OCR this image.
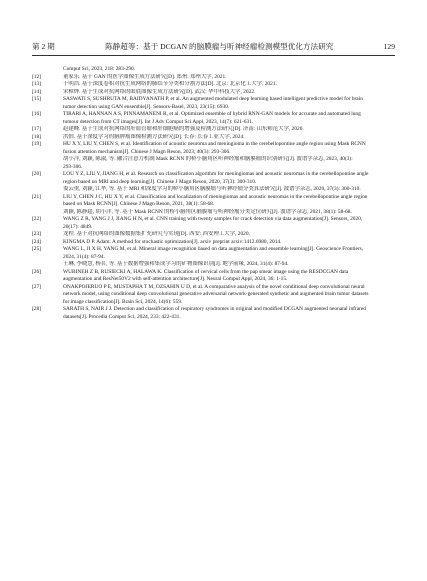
第 2 期	陈静超等：基于 DCGAN 的脑膜瘤与听神经瘤检测模型优化方法研究	129
Comput Sci, 2023, 218: 283-290.
[12]	董家乐. 基于 GAN 的医学图像生成方法研究[D]. 郑州: 郑州大学, 2021.
[13]	于明浩. 基于深度卷积对抗生成网络的肺结节分类和分割方法[D]. 北京: 北京化工大学, 2021.
[14]	宋樟烨. 基于生成对抗网络的眼底图像生成方法研究[D]. 武汉: 华中科技大学, 2022.
[15]	SASWATI S, SUSHRUTA M, BAIDYANATH P, et al. An augmented modulated deep learning based intelligent predictive model for brain
tumor detection using GAN ensemble[J]. Sensors-Basel, 2023, 23(15): 6930.
[16]	TIRARI A, HANNAN A S, PINNAMANENI R, et al. Optimized ensemble of hybrid RNN-GAN models for accurate and automated lung
tumour detection from CT images[J]. Int J Adv Comput Sci Appl, 2023, 14(7): 621-631.
[17]	赵建峰. 基于生成对抗网络的肝血管瘤和肝细胞癌的增强及检测方法研究[D]. 济南: 山东师范大学, 2020.
[18]	洪怡. 基于深度学习的脑肿瘤图像检测方法研究[D]. 长春: 长春工业大学, 2024.
[19]	HU X Y, LIU Y, CHEN S, et al. Identification of acoustic neuroma and meningioma in the cerebellopontine angle region using Mask RCNN
fusion attention mechanism[J]. Chinese J Magn Reson, 2023, 40(3): 293-306.
胡小洋, 刘颖, 陈淑, 等. 融合注意力机制 Mask RCNN 的桥小脑角区听神经瘤和脑膜瘤的识别研究[J]. 波谱学杂志, 2023, 40(3):
293-306.
[20]	LOU Y Z, LIU Y, JIANG H, et al. Research on classification algorithm for meningiomas and acoustic neuromas in the cerebellopontine angle
region based on MRI and deep learning[J]. Chinese J Magn Reson, 2020, 37(3): 300-310.
娄云重, 刘颖, 江华, 等. 基于 MRI 和深度学习的桥小脑角区脑膜瘤与听神经瘤分类算法研究[J]. 波谱学杂志, 2020, 37(3): 300-310.
[21]	LIU Y, CHEN J C, HU X Y, et al. Classification and localization of meningiomas and acoustic neuromas in the cerebellopontine angle region
based on Mask RCNN[J]. Chinese J Magn Reson, 2021, 38(1): 58-68.
刘颖, 陈静超, 胡小洋, 等. 基于 Mask RCNN 的桥小脑角区脑膜瘤与听神经瘤分类定位研究[J]. 波谱学杂志, 2021, 38(1): 58-68.
[22]	WANG Z R, YANG J J, JIANG H N, et al. CNN training with twenty samples for crack detection via data augmentation[J]. Sensors, 2020,
20(17): 4849.
[23]	龙程. 基于对抗网络的图像数据集扩充研究与实现[D]. 西安: 西安理工大学, 2020.
[24]	KINGMA D P. Adam: A method for stochastic optimization[J]. arxiv preprint arxiv:1412.6980, 2014.
[25]	WANG L, JI X H, YANG M, et al. Mineral image recognition based on data augmentation and ensemble learning[J]. Geoscience Frontiers,
2024, 31(4): 87-94.
王琳, 李晓慧, 杨茗, 等. 基于数据增强和集成学习的矿物图像识别[J]. 地学前缘, 2024, 31(4): 87-94.
[26]	WUBINEH Z B, RUSIECKI A, HALAWA K. Classification of cervical cells from the pap smear image using the RESDCGAN data
augmentation and ResNet50V2 with self-attention architecture[J]. Neural Comput Appl, 2024, 36: 1-15.
[27]	ONAKPOJERUO P E, MUSTAPHA T M, OZSAHIN U D, et al. A comparative analysis of the novel conditional deep convolutional neural
network model, using conditional deep convolutional generative adversarial network-generated synthetic and augmented brain tumor datasets
for image classification[J]. Brain Sci, 2024, 14(6): 559.
[28]	SARATH S, NAIR J J. Detection and classification of respiratory syndromes in original and modified DCGAN augmented neonatal infrared
datasets[J]. Procedia Comput Sci, 2024, 233: 422-431.
